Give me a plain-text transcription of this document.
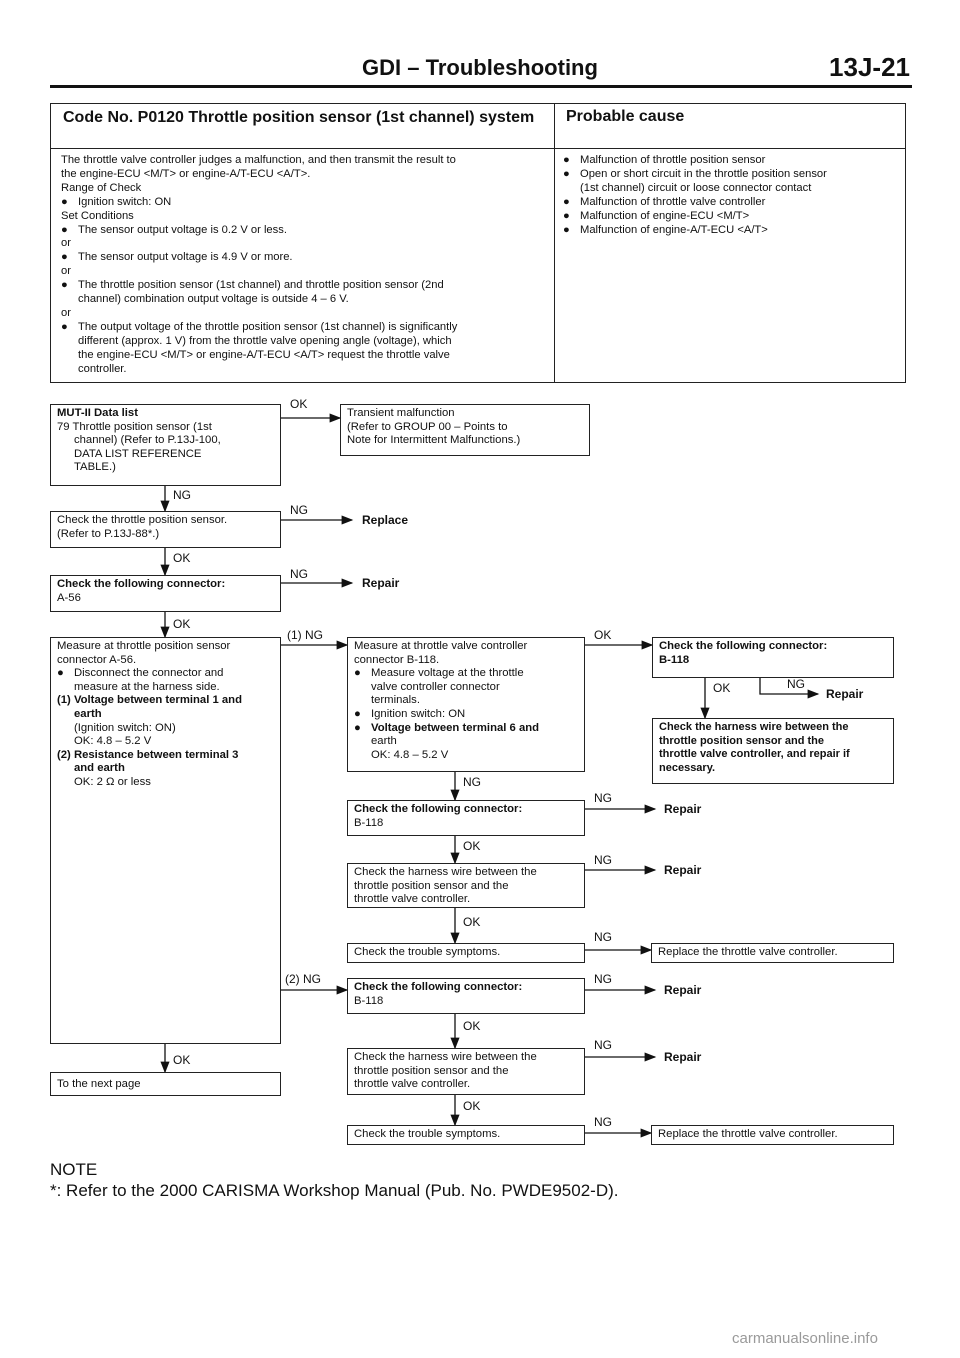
GDI – Troubleshooting	13J-21
Code No. P0120 Throttle position sensor (1st channel) system	Probable cause
The throttle valve controller judges a malfunction, and then transmit the result to
the engine-ECU <M/T> or engine-A/T-ECU <A/T>.
Range of Check
● Ignition switch: ON
Set Conditions
● The sensor output voltage is 0.2 V or less.
or
● The sensor output voltage is 4.9 V or more.
or
● The throttle position sensor (1st channel) and throttle position sensor (2nd
channel) combination output voltage is outside 4 – 6 V.
or
● The output voltage of the throttle position sensor (1st channel) is significantly
different (approx. 1 V) from the throttle valve opening angle (voltage), which
the engine-ECU <M/T> or engine-A/T-ECU <A/T> request the throttle valve
controller.
● Malfunction of throttle position sensor
● Open or short circuit in the throttle position sensor
(1st channel) circuit or loose connector contact
● Malfunction of throttle valve controller
● Malfunction of engine-ECU <M/T>
● Malfunction of engine-A/T-ECU <A/T>
MUT-II Data list
79 Throttle position sensor (1st
channel) (Refer to P.13J-100,
DATA LIST REFERENCE
TABLE.)
Transient malfunction
(Refer to GROUP 00 – Points to
Note for Intermittent Malfunctions.)
Check the throttle position sensor.
(Refer to P.13J-88*.)
Check the following connector:
A-56
Measure at throttle position sensor
connector A-56.
● Disconnect the connector and
measure at the harness side.
(1) Voltage between terminal 1 and
earth
(Ignition switch: ON)
OK: 4.8 – 5.2 V
(2) Resistance between terminal 3
and earth
OK: 2 Ω or less
Measure at throttle valve controller
connector B-118.
● Measure voltage at the throttle
valve controller connector
terminals.
● Ignition switch: ON
● Voltage between terminal 6 and
earth
OK: 4.8 – 5.2 V
Check the following connector:
B-118
Check the harness wire between the
throttle position sensor and the
throttle valve controller, and repair if
necessary.
Check the following connector:
B-118
Check the harness wire between the
throttle position sensor and the
throttle valve controller.
Check the trouble symptoms.	Replace the throttle valve controller.
Check the following connector:
B-118
Check the harness wire between the
throttle position sensor and the
throttle valve controller.
Check the trouble symptoms.	Replace the throttle valve controller.
To the next page
OK
NG
NG
OK
NG
OK
(1) NG	OK
OK	NG
NG
NG
OK
NG
OK
NG
(2) NG	NG
OK
NG
OK
OK
NG
Replace
Repair
Repair
Repair
Repair
Repair
Repair
NOTE
*: Refer to the 2000 CARISMA Workshop Manual (Pub. No. PWDE9502-D).
carmanualsonline.info
